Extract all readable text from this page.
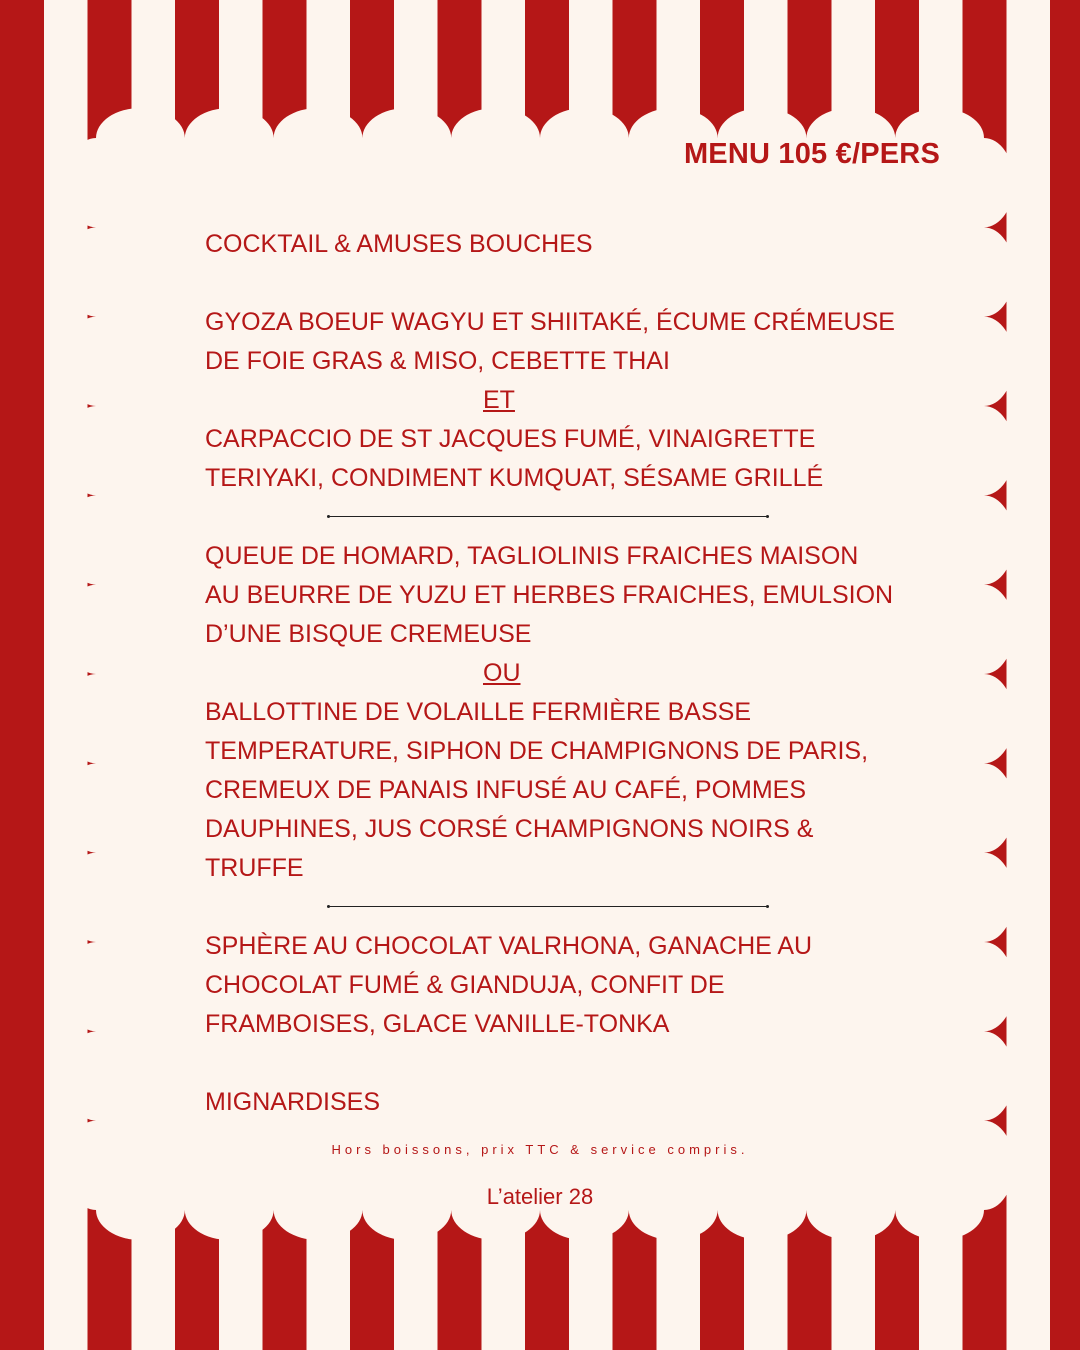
MENU 105 €/PERS

COCKTAIL & AMUSES BOUCHES

GYOZA BOEUF WAGYU ET SHIITAKÉ, ÉCUME CRÉMEUSE

DE FOIE GRAS & MISO, CEBETTE THAI

ET

CARPACCIO DE ST JACQUES FUMÉ, VINAIGRETTE

TERIYAKI, CONDIMENT KUMQUAT, SÉSAME GRILLÉ

QUEUE DE HOMARD, TAGLIOLINIS FRAICHES MAISON

AU BEURRE DE YUZU ET HERBES FRAICHES, EMULSION

D’UNE BISQUE CREMEUSE

OU

BALLOTTINE DE VOLAILLE FERMIÈRE BASSE

TEMPERATURE, SIPHON DE CHAMPIGNONS DE PARIS,

CREMEUX DE PANAIS INFUSÉ AU CAFÉ, POMMES

DAUPHINES, JUS CORSÉ CHAMPIGNONS NOIRS &

TRUFFE

SPHÈRE AU CHOCOLAT VALRHONA, GANACHE AU

CHOCOLAT FUMÉ & GIANDUJA, CONFIT DE

FRAMBOISES, GLACE VANILLE-TONKA

MIGNARDISES

Hors boissons, prix TTC & service compris.
L’atelier 28
